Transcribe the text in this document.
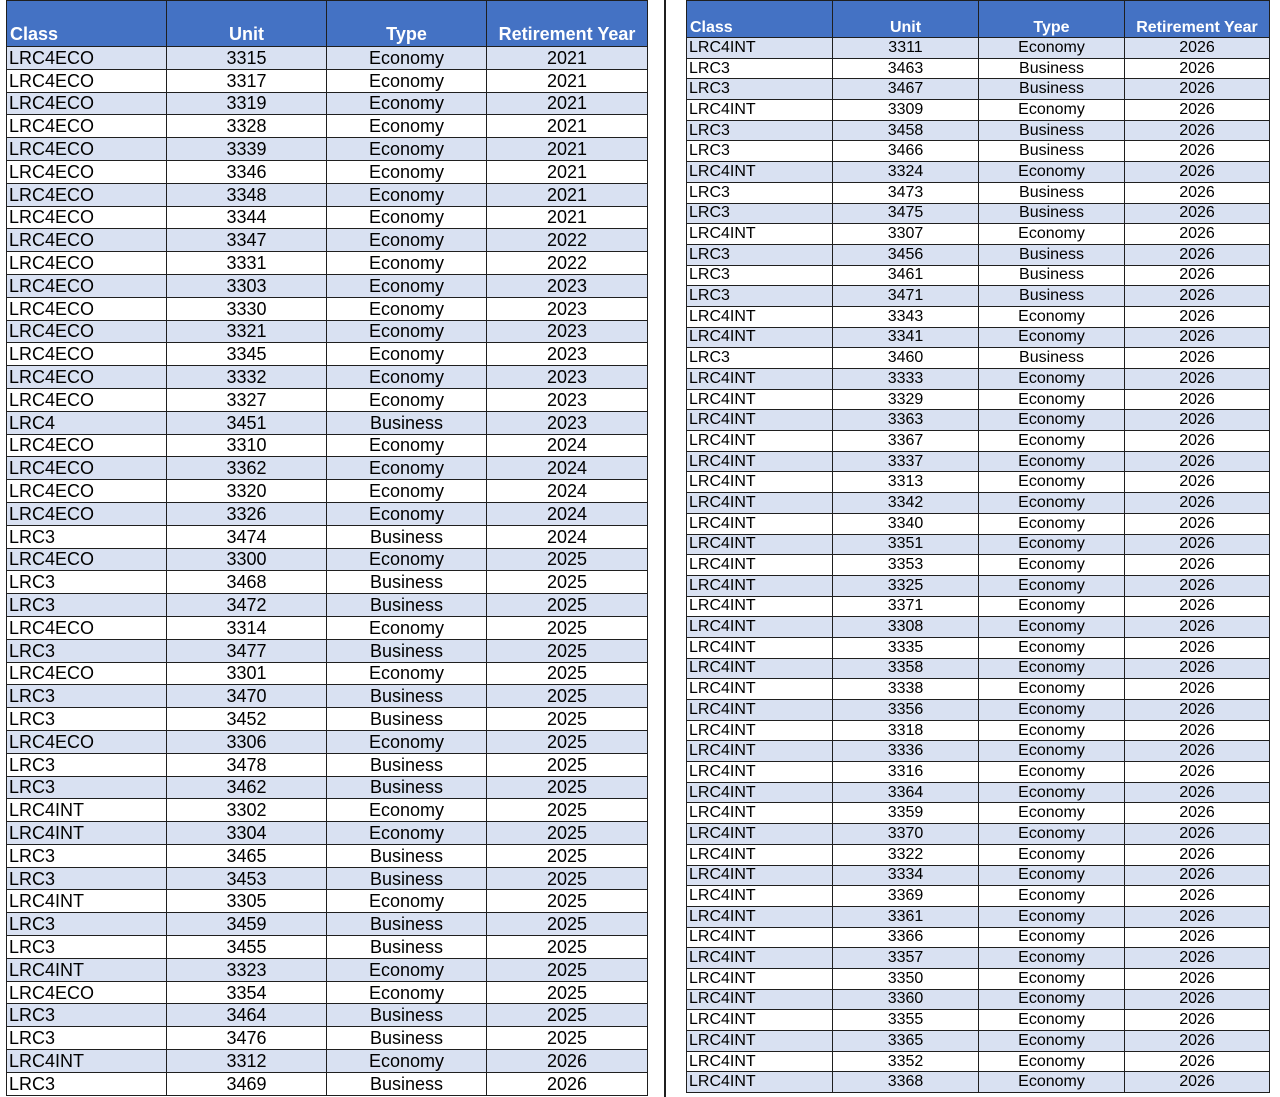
Class	Unit	Type	Retirement Year
LRC4ECO	3315	Economy	2021
LRC4ECO	3317	Economy	2021
LRC4ECO	3319	Economy	2021
LRC4ECO	3328	Economy	2021
LRC4ECO	3339	Economy	2021
LRC4ECO	3346	Economy	2021
LRC4ECO	3348	Economy	2021
LRC4ECO	3344	Economy	2021
LRC4ECO	3347	Economy	2022
LRC4ECO	3331	Economy	2022
LRC4ECO	3303	Economy	2023
LRC4ECO	3330	Economy	2023
LRC4ECO	3321	Economy	2023
LRC4ECO	3345	Economy	2023
LRC4ECO	3332	Economy	2023
LRC4ECO	3327	Economy	2023
LRC4	3451	Business	2023
LRC4ECO	3310	Economy	2024
LRC4ECO	3362	Economy	2024
LRC4ECO	3320	Economy	2024
LRC4ECO	3326	Economy	2024
LRC3	3474	Business	2024
LRC4ECO	3300	Economy	2025
LRC3	3468	Business	2025
LRC3	3472	Business	2025
LRC4ECO	3314	Economy	2025
LRC3	3477	Business	2025
LRC4ECO	3301	Economy	2025
LRC3	3470	Business	2025
LRC3	3452	Business	2025
LRC4ECO	3306	Economy	2025
LRC3	3478	Business	2025
LRC3	3462	Business	2025
LRC4INT	3302	Economy	2025
LRC4INT	3304	Economy	2025
LRC3	3465	Business	2025
LRC3	3453	Business	2025
LRC4INT	3305	Economy	2025
LRC3	3459	Business	2025
LRC3	3455	Business	2025
LRC4INT	3323	Economy	2025
LRC4ECO	3354	Economy	2025
LRC3	3464	Business	2025
LRC3	3476	Business	2025
LRC4INT	3312	Economy	2026
LRC3	3469	Business	2026
Class	Unit	Type	Retirement Year
LRC4INT	3311	Economy	2026
LRC3	3463	Business	2026
LRC3	3467	Business	2026
LRC4INT	3309	Economy	2026
LRC3	3458	Business	2026
LRC3	3466	Business	2026
LRC4INT	3324	Economy	2026
LRC3	3473	Business	2026
LRC3	3475	Business	2026
LRC4INT	3307	Economy	2026
LRC3	3456	Business	2026
LRC3	3461	Business	2026
LRC3	3471	Business	2026
LRC4INT	3343	Economy	2026
LRC4INT	3341	Economy	2026
LRC3	3460	Business	2026
LRC4INT	3333	Economy	2026
LRC4INT	3329	Economy	2026
LRC4INT	3363	Economy	2026
LRC4INT	3367	Economy	2026
LRC4INT	3337	Economy	2026
LRC4INT	3313	Economy	2026
LRC4INT	3342	Economy	2026
LRC4INT	3340	Economy	2026
LRC4INT	3351	Economy	2026
LRC4INT	3353	Economy	2026
LRC4INT	3325	Economy	2026
LRC4INT	3371	Economy	2026
LRC4INT	3308	Economy	2026
LRC4INT	3335	Economy	2026
LRC4INT	3358	Economy	2026
LRC4INT	3338	Economy	2026
LRC4INT	3356	Economy	2026
LRC4INT	3318	Economy	2026
LRC4INT	3336	Economy	2026
LRC4INT	3316	Economy	2026
LRC4INT	3364	Economy	2026
LRC4INT	3359	Economy	2026
LRC4INT	3370	Economy	2026
LRC4INT	3322	Economy	2026
LRC4INT	3334	Economy	2026
LRC4INT	3369	Economy	2026
LRC4INT	3361	Economy	2026
LRC4INT	3366	Economy	2026
LRC4INT	3357	Economy	2026
LRC4INT	3350	Economy	2026
LRC4INT	3360	Economy	2026
LRC4INT	3355	Economy	2026
LRC4INT	3365	Economy	2026
LRC4INT	3352	Economy	2026
LRC4INT	3368	Economy	2026
